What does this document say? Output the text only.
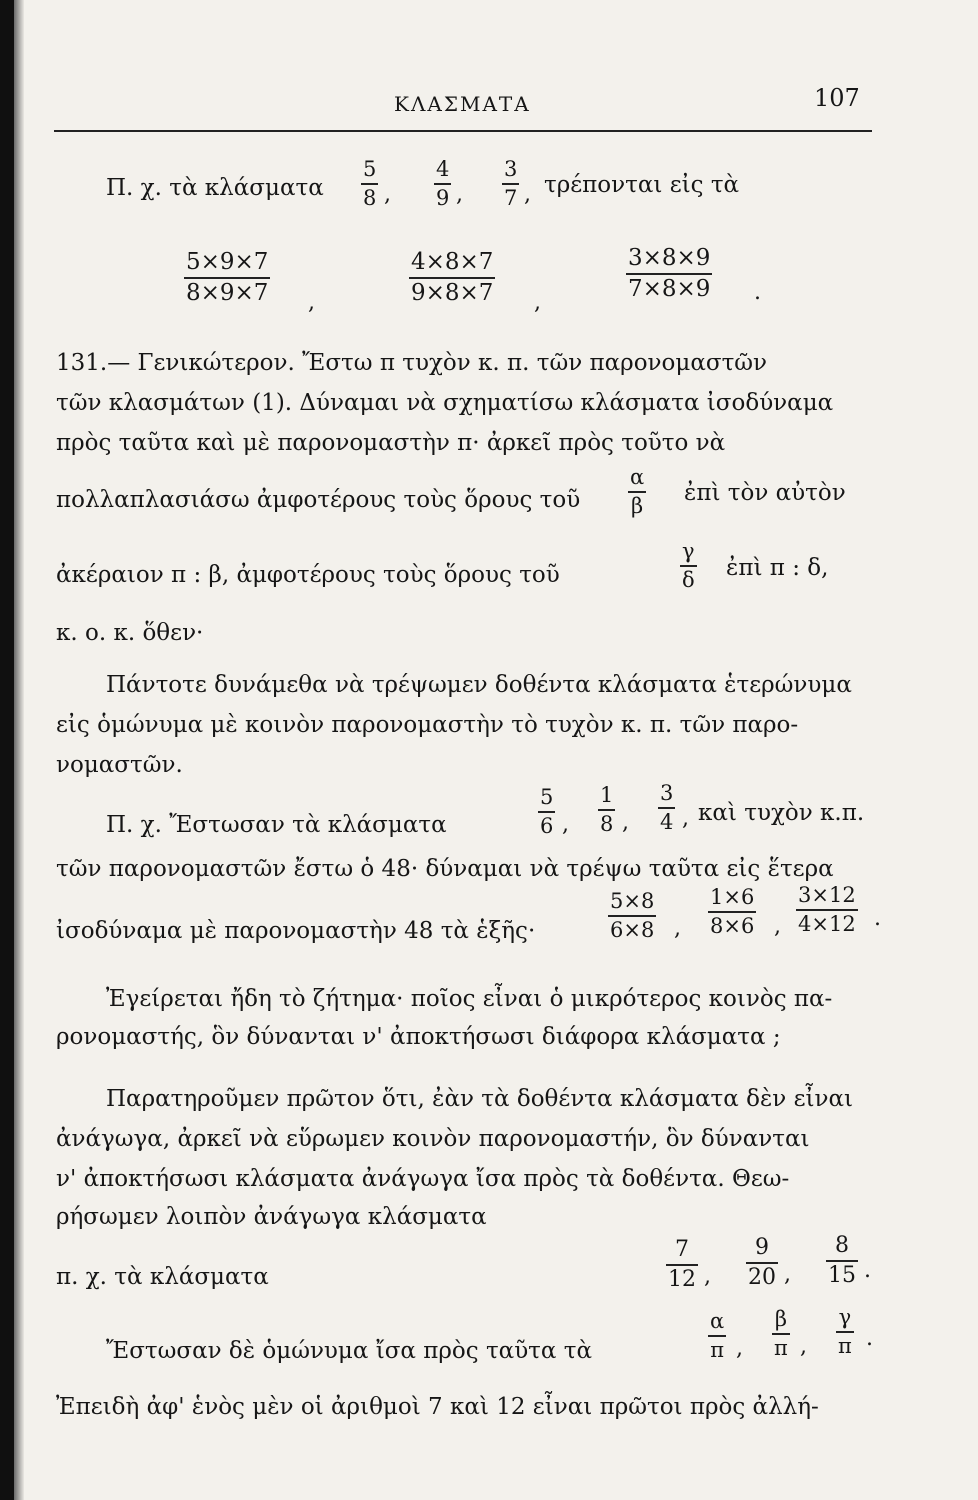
ΚΛΑΣΜΑΤΑ	107
Π. χ. τὰ κλάσματα
5
8 ,
4
9 ,
3
7 , τρέπονται εἰς τὰ
5×9×7
8×9×7 ,
4×8×7
9×8×7 ,
3×8×9
7×8×9 .
131.— Γενικώτερον. Ἔστω π τυχὸν κ. π. τῶν παρονομαστῶν
τῶν κλασμάτων (1). Δύναμαι νὰ σχηματίσω κλάσματα ἰσοδύναμα
πρὸς ταῦτα καὶ μὲ παρονομαστὴν π· ἀρκεῖ πρὸς τοῦτο νὰ
πολλαπλασιάσω ἀμφοτέρους τοὺς ὅρους τοῦ
α
β ἐπὶ τὸν αὐτὸν
ἀκέραιον π : β, ἀμφοτέρους τοὺς ὅρους τοῦ
γ
δ ἐπὶ π : δ,
κ. ο. κ. ὅθεν·
Πάντοτε δυνάμεθα νὰ τρέψωμεν δοθέντα κλάσματα ἑτερώνυμα
εἰς ὁμώνυμα μὲ κοινὸν παρονομαστὴν τὸ τυχὸν κ. π. τῶν παρο-
νομαστῶν.
Π. χ. Ἔστωσαν τὰ κλάσματα
5
6 ,
1
8 ,
3
4 , καὶ τυχὸν κ.π.
τῶν παρονομαστῶν ἔστω ὁ 48· δύναμαι νὰ τρέψω ταῦτα εἰς ἕτερα
ἰσοδύναμα μὲ παρονομαστὴν 48 τὰ ἑξῆς·
5×8
6×8 ,
1×6
8×6 ,
3×12
4×12 .
Ἐγείρεται ἤδη τὸ ζήτημα· ποῖος εἶναι ὁ μικρότερος κοινὸς πα-
ρονομαστής, ὃν δύνανται ν' ἀποκτήσωσι διάφορα κλάσματα ;
Παρατηροῦμεν πρῶτον ὅτι, ἐὰν τὰ δοθέντα κλάσματα δὲν εἶναι
ἀνάγωγα, ἀρκεῖ νὰ εὕρωμεν κοινὸν παρονομαστήν, ὃν δύνανται
ν' ἀποκτήσωσι κλάσματα ἀνάγωγα ἴσα πρὸς τὰ δοθέντα. Θεω-
ρήσωμεν λοιπὸν ἀνάγωγα κλάσματα
π. χ. τὰ κλάσματα
7
12 ,
9
20 ,
8
15 .
Ἔστωσαν δὲ ὁμώνυμα ἴσα πρὸς ταῦτα τὰ
α
π ,
β
π ,
γ
π .
Ἐπειδὴ ἀφ' ἑνὸς μὲν οἱ ἀριθμοὶ 7 καὶ 12 εἶναι πρῶτοι πρὸς ἀλλή-
